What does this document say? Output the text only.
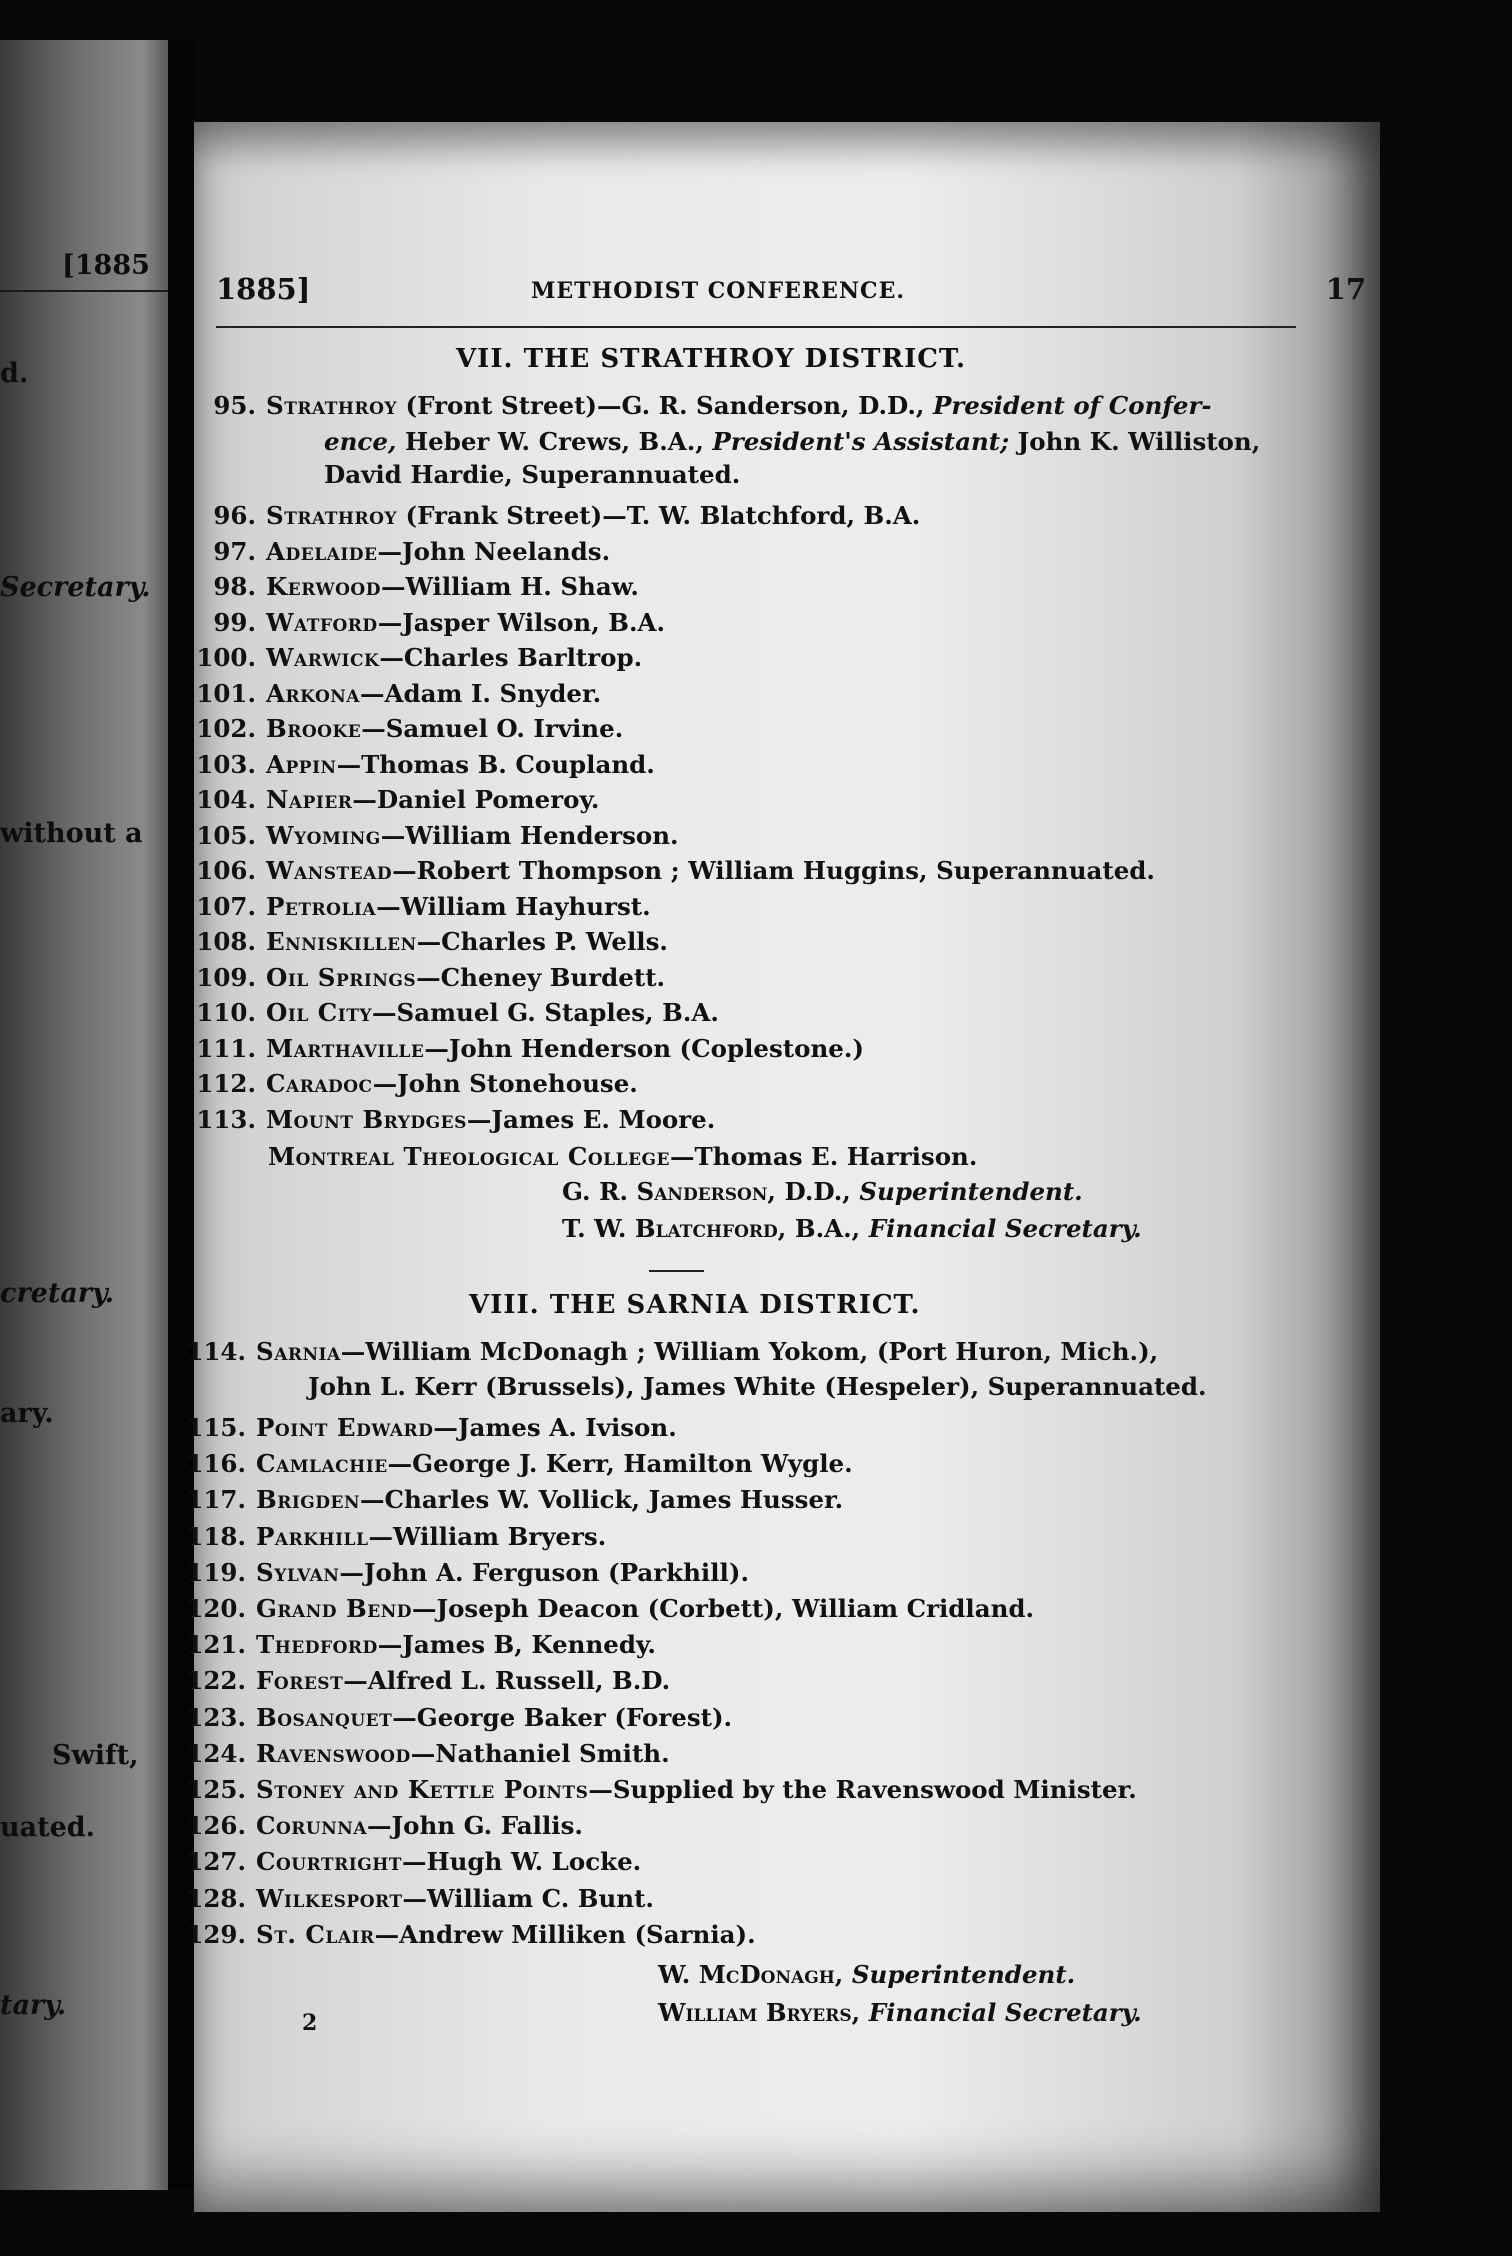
[1885
d.
Secretary.
without a
cretary.
ary.
Swift,
uated.
tary.
1885]	METHODIST CONFERENCE.	17
VII. THE STRATHROY DISTRICT.
95. Strathroy (Front Street)—G. R. Sanderson, D.D., President of Confer-
ence, Heber W. Crews, B.A., President's Assistant; John K. Williston,
David Hardie, Superannuated.
96. Strathroy (Frank Street)—T. W. Blatchford, B.A.
97. Adelaide—John Neelands.
98. Kerwood—William H. Shaw.
99. Watford—Jasper Wilson, B.A.
100. Warwick—Charles Barltrop.
101. Arkona—Adam I. Snyder.
102. Brooke—Samuel O. Irvine.
103. Appin—Thomas B. Coupland.
104. Napier—Daniel Pomeroy.
105. Wyoming—William Henderson.
106. Wanstead—Robert Thompson ; William Huggins, Superannuated.
107. Petrolia—William Hayhurst.
108. Enniskillen—Charles P. Wells.
109. Oil Springs—Cheney Burdett.
110. Oil City—Samuel G. Staples, B.A.
111. Marthaville—John Henderson (Coplestone.)
112. Caradoc—John Stonehouse.
113. Mount Brydges—James E. Moore.
Montreal Theological College—Thomas E. Harrison.
G. R. Sanderson, D.D., Superintendent.
T. W. Blatchford, B.A., Financial Secretary.
VIII. THE SARNIA DISTRICT.
114. Sarnia—William McDonagh ; William Yokom, (Port Huron, Mich.),
John L. Kerr (Brussels), James White (Hespeler), Superannuated.
115. Point Edward—James A. Ivison.
116. Camlachie—George J. Kerr, Hamilton Wygle.
117. Brigden—Charles W. Vollick, James Husser.
118. Parkhill—William Bryers.
119. Sylvan—John A. Ferguson (Parkhill).
120. Grand Bend—Joseph Deacon (Corbett), William Cridland.
121. Thedford—James B, Kennedy.
122. Forest—Alfred L. Russell, B.D.
123. Bosanquet—George Baker (Forest).
124. Ravenswood—Nathaniel Smith.
125. Stoney and Kettle Points—Supplied by the Ravenswood Minister.
126. Corunna—John G. Fallis.
127. Courtright—Hugh W. Locke.
128. Wilkesport—William C. Bunt.
129. St. Clair—Andrew Milliken (Sarnia).
W. McDonagh, Superintendent.
William Bryers, Financial Secretary.
2
